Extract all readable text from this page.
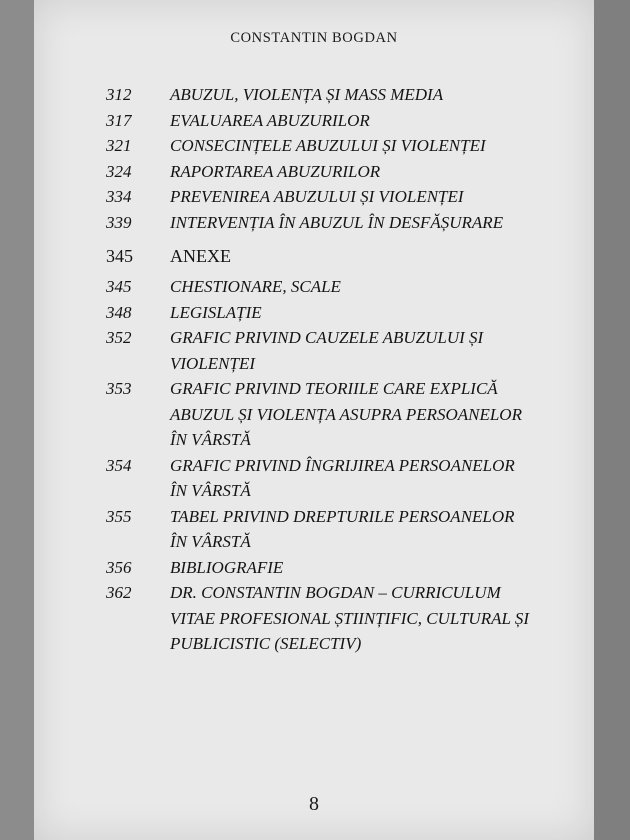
CONSTANTIN BOGDAN
312	ABUZUL, VIOLENȚA ȘI MASS MEDIA
317	EVALUAREA ABUZURILOR
321	CONSECINȚELE ABUZULUI ȘI VIOLENȚEI
324	RAPORTAREA ABUZURILOR
334	PREVENIREA ABUZULUI ȘI VIOLENȚEI
339	INTERVENȚIA ÎN ABUZUL ÎN DESFĂȘURARE
345	ANEXE
345	CHESTIONARE, SCALE
348	LEGISLAȚIE
352	GRAFIC PRIVIND CAUZELE ABUZULUI ȘI
VIOLENȚEI
353	GRAFIC PRIVIND TEORIILE CARE EXPLICĂ
ABUZUL ȘI VIOLENȚA ASUPRA PERSOANELOR
ÎN VÂRSTĂ
354	GRAFIC PRIVIND ÎNGRIJIREA PERSOANELOR
ÎN VÂRSTĂ
355	TABEL PRIVIND DREPTURILE PERSOANELOR
ÎN VÂRSTĂ
356	BIBLIOGRAFIE
362	DR. CONSTANTIN BOGDAN – CURRICULUM
VITAE PROFESIONAL ȘTIINȚIFIC, CULTURAL ȘI
PUBLICISTIC (SELECTIV)
8
